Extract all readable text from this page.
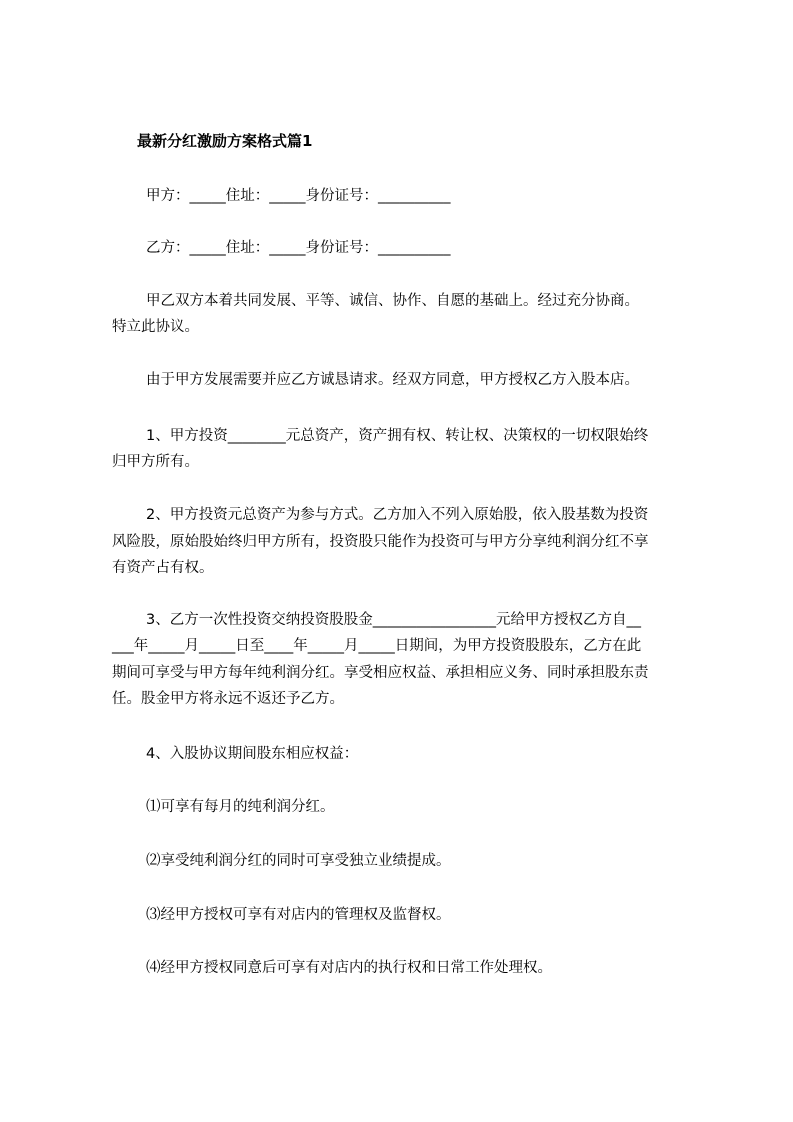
最新分红激励方案格式篇1
甲方：_____住址：_____身份证号：__________
乙方：_____住址：_____身份证号：__________
甲乙双方本着共同发展、平等、诚信、协作、自愿的基础上。经过充分协商。
特立此协议。
由于甲方发展需要并应乙方诚恳请求。经双方同意，甲方授权乙方入股本店。
1、甲方投资________元总资产，资产拥有权、转让权、决策权的一切权限始终
归甲方所有。
2、甲方投资元总资产为参与方式。乙方加入不列入原始股，依入股基数为投资
风险股，原始股始终归甲方所有，投资股只能作为投资可与甲方分享纯利润分红不享
有资产占有权。
3、乙方一次性投资交纳投资股股金_________________元给甲方授权乙方自__
___年_____月_____日至____年_____月_____日期间，为甲方投资股股东，乙方在此
期间可享受与甲方每年纯利润分红。享受相应权益、承担相应义务、同时承担股东责
任。股金甲方将永远不返还予乙方。
4、入股协议期间股东相应权益：
⑴可享有每月的纯利润分红。
⑵享受纯利润分红的同时可享受独立业绩提成。
⑶经甲方授权可享有对店内的管理权及监督权。
⑷经甲方授权同意后可享有对店内的执行权和日常工作处理权。
